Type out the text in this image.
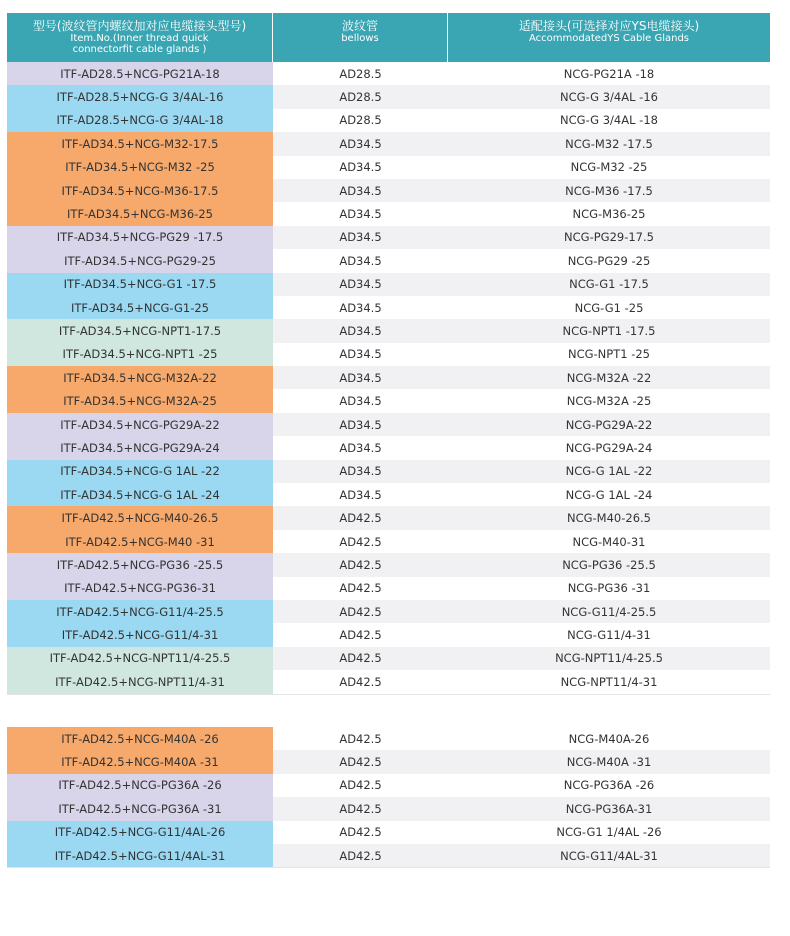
型号(波纹管内螺纹加对应电缆接头型号)
Item.No.(Inner thread quick
connectorfit cable glands )
波纹管
bellows
适配接头(可选择对应YS电缆接头)
AccommodatedYS Cable Glands
ITF-AD28.5+NCG-PG21A-18	AD28.5	NCG-PG21A -18
ITF-AD28.5+NCG-G 3/4AL-16	AD28.5	NCG-G 3/4AL -16
ITF-AD28.5+NCG-G 3/4AL-18	AD28.5	NCG-G 3/4AL -18
ITF-AD34.5+NCG-M32-17.5	AD34.5	NCG-M32 -17.5
ITF-AD34.5+NCG-M32 -25	AD34.5	NCG-M32 -25
ITF-AD34.5+NCG-M36-17.5	AD34.5	NCG-M36 -17.5
ITF-AD34.5+NCG-M36-25	AD34.5	NCG-M36-25
ITF-AD34.5+NCG-PG29 -17.5	AD34.5	NCG-PG29-17.5
ITF-AD34.5+NCG-PG29-25	AD34.5	NCG-PG29 -25
ITF-AD34.5+NCG-G1 -17.5	AD34.5	NCG-G1 -17.5
ITF-AD34.5+NCG-G1-25	AD34.5	NCG-G1 -25
ITF-AD34.5+NCG-NPT1-17.5	AD34.5	NCG-NPT1 -17.5
ITF-AD34.5+NCG-NPT1 -25	AD34.5	NCG-NPT1 -25
ITF-AD34.5+NCG-M32A-22	AD34.5	NCG-M32A -22
ITF-AD34.5+NCG-M32A-25	AD34.5	NCG-M32A -25
ITF-AD34.5+NCG-PG29A-22	AD34.5	NCG-PG29A-22
ITF-AD34.5+NCG-PG29A-24	AD34.5	NCG-PG29A-24
ITF-AD34.5+NCG-G 1AL -22	AD34.5	NCG-G 1AL -22
ITF-AD34.5+NCG-G 1AL -24	AD34.5	NCG-G 1AL -24
ITF-AD42.5+NCG-M40-26.5	AD42.5	NCG-M40-26.5
ITF-AD42.5+NCG-M40 -31	AD42.5	NCG-M40-31
ITF-AD42.5+NCG-PG36 -25.5	AD42.5	NCG-PG36 -25.5
ITF-AD42.5+NCG-PG36-31	AD42.5	NCG-PG36 -31
ITF-AD42.5+NCG-G11/4-25.5	AD42.5	NCG-G11/4-25.5
ITF-AD42.5+NCG-G11/4-31	AD42.5	NCG-G11/4-31
ITF-AD42.5+NCG-NPT11/4-25.5	AD42.5	NCG-NPT11/4-25.5
ITF-AD42.5+NCG-NPT11/4-31	AD42.5	NCG-NPT11/4-31
ITF-AD42.5+NCG-M40A -26	AD42.5	NCG-M40A-26
ITF-AD42.5+NCG-M40A -31	AD42.5	NCG-M40A -31
ITF-AD42.5+NCG-PG36A -26	AD42.5	NCG-PG36A -26
ITF-AD42.5+NCG-PG36A -31	AD42.5	NCG-PG36A-31
ITF-AD42.5+NCG-G11/4AL-26	AD42.5	NCG-G1 1/4AL -26
ITF-AD42.5+NCG-G11/4AL-31	AD42.5	NCG-G11/4AL-31
